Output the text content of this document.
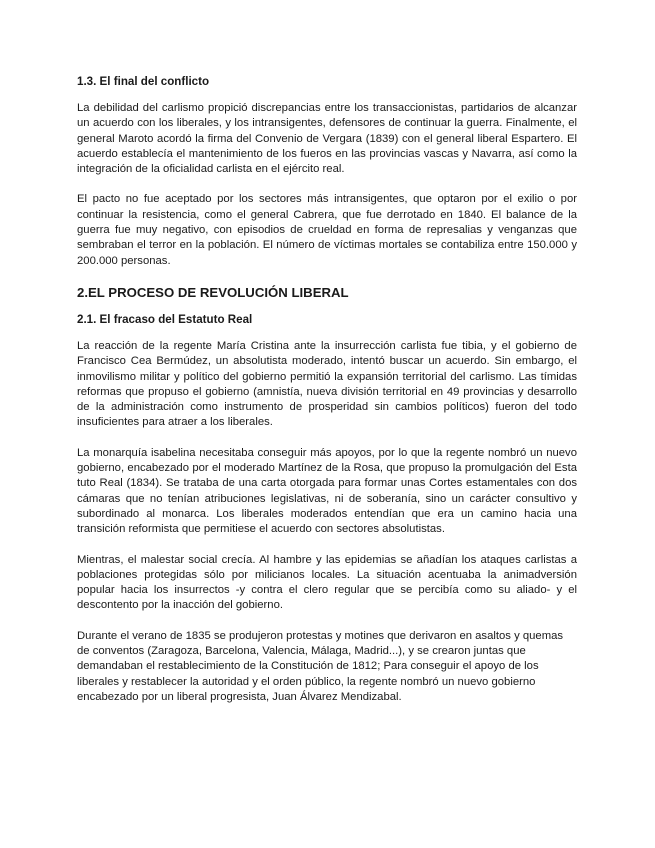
1.3. El final del conflicto

La debilidad del carlismo propició discrepancias entre los transaccionistas, partidarios de alcanzar un acuerdo con los liberales, y los intransigentes, defensores de continuar la guerra. Finalmente, el general Maroto acordó la firma del Convenio de Vergara (1839) con el general liberal Espartero. El acuerdo establecía el mantenimiento de los fueros en las provincias vascas y Navarra, así como la integración de la oficialidad carlista en el ejército real.

El pacto no fue aceptado por los sectores más intransigentes, que optaron por el exilio o por continuar la resistencia, como el general Cabrera, que fue derrotado en 1840. El balance de la guerra fue muy negativo, con episodios de crueldad en forma de represalias y venganzas que sembraban el terror en la población. El número de víctimas mortales se contabiliza entre 150.000 y 200.000 personas.

2.EL PROCESO DE REVOLUCIÓN LIBERAL
2.1. El fracaso del Estatuto Real

La reacción de la regente María Cristina ante la insurrección carlista fue tibia, y el gobierno de Francisco Cea Bermúdez, un absolutista moderado, intentó buscar un acuerdo. Sin embargo, el inmovilismo militar y político del gobierno permitió la expansión territorial del carlismo. Las tímidas reformas que propuso el gobierno (amnistía, nueva división territorial en 49 provincias y desarrollo de la administración como instrumento de prosperidad sin cambios políticos) fueron del todo insuficientes para atraer a los liberales.

La monarquía isabelina necesitaba conseguir más apoyos, por lo que la regente nombró un nuevo gobierno, encabezado por el moderado Martínez de la Rosa, que propuso la promulgación del Esta tuto Real (1834). Se trataba de una carta otorgada para formar unas Cortes estamentales con dos cámaras que no tenían atribuciones legislativas, ni de soberanía, sino un carácter consultivo y subordinado al monarca. Los liberales moderados entendían que era un camino hacia una transición reformista que permitiese el acuerdo con sectores absolutistas.

Mientras, el malestar social crecía. Al hambre y las epidemias se añadían los ataques carlistas a poblaciones protegidas sólo por milicianos locales. La situación acentuaba la animadversión popular hacia los insurrectos -y contra el clero regular que se percibía como su aliado- y el descontento por la inacción del gobierno.

Durante el verano de 1835 se produjeron protestas y motines que derivaron en asaltos y quemas de conventos (Zaragoza, Barcelona, Valencia, Málaga, Madrid...), y se crearon juntas que demandaban el restablecimiento de la Constitución de 1812; Para conseguir el apoyo de los liberales y restablecer la autoridad y el orden público, la regente nombró un nuevo gobierno encabezado por un liberal progresista, Juan Álvarez Mendizabal.
